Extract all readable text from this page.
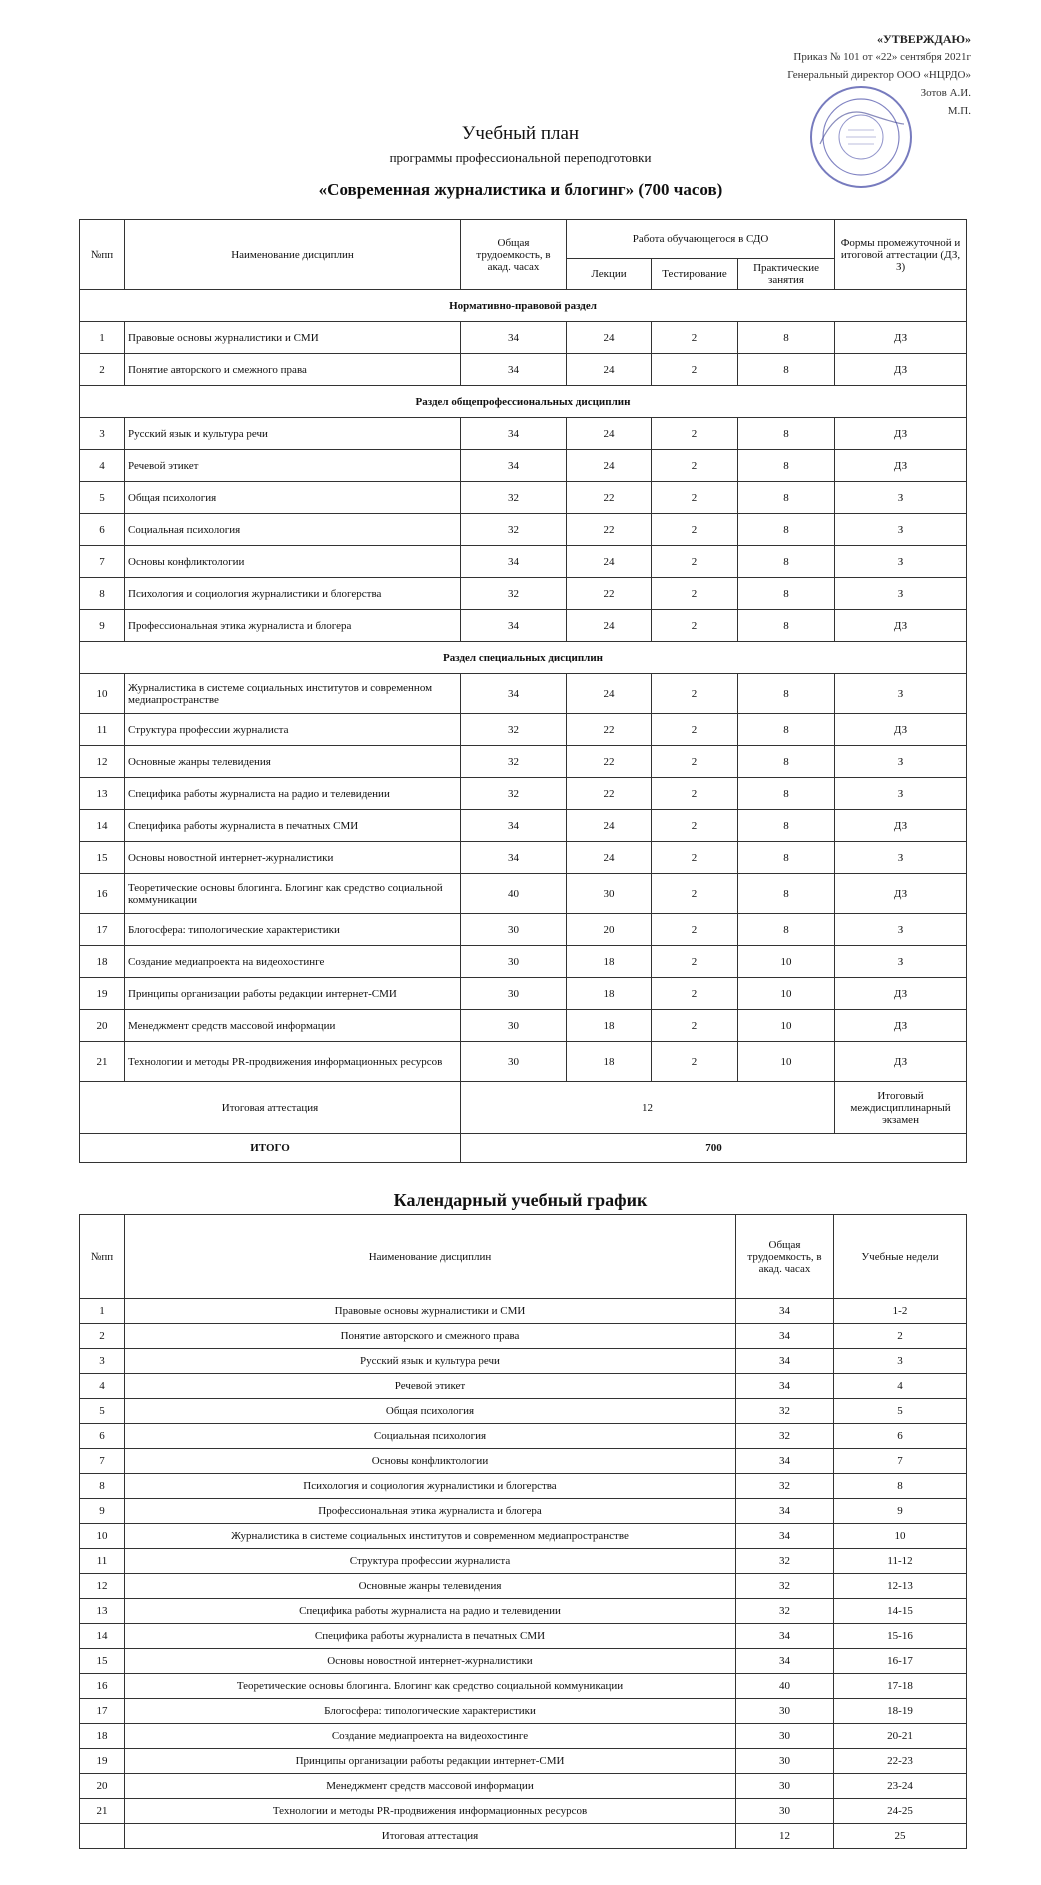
«УТВЕРЖДАЮ»
Приказ № 101 от «22» сентября 2021г
Генеральный директор ООО «НЦРДО»
Зотов А.И.
М.П.
Учебный план
программы профессиональной переподготовки
«Современная журналистика и блогинг» (700 часов)
№пп	Наименование дисциплин	Общая трудоемкость, в акад. часах	Работа обучающегося в СДО			Формы промежуточной и итоговой аттестации (ДЗ, З)
			Лекции	Тестирование	Практические занятия	
Нормативно-правовой раздел						
1	Правовые основы журналистики и СМИ	34	24	2	8	ДЗ
2	Понятие авторского и смежного права	34	24	2	8	ДЗ
Раздел общепрофессиональных дисциплин						
3	Русский язык и культура речи	34	24	2	8	ДЗ
4	Речевой этикет	34	24	2	8	ДЗ
5	Общая психология	32	22	2	8	З
6	Социальная психология	32	22	2	8	З
7	Основы конфликтологии	34	24	2	8	З
8	Психология и социология журналистики и блогерства	32	22	2	8	З
9	Профессиональная этика журналиста и блогера	34	24	2	8	ДЗ
Раздел специальных дисциплин						
10	Журналистика в системе социальных институтов и современном медиапространстве	34	24	2	8	З
11	Структура профессии журналиста	32	22	2	8	ДЗ
12	Основные жанры телевидения	32	22	2	8	З
13	Специфика работы журналиста на радио и телевидении	32	22	2	8	З
14	Специфика работы журналиста в печатных СМИ	34	24	2	8	ДЗ
15	Основы новостной интернет-журналистики	34	24	2	8	З
16	Теоретические основы блогинга. Блогинг как средство социальной коммуникации	40	30	2	8	ДЗ
17	Блогосфера: типологические характеристики	30	20	2	8	З
18	Создание медиапроекта на видеохостинге	30	18	2	10	З
19	Принципы организации работы редакции интернет-СМИ	30	18	2	10	ДЗ
20	Менеджмент средств массовой информации	30	18	2	10	ДЗ
21	Технологии и методы PR-продвижения информационных ресурсов	30	18	2	10	ДЗ
Итоговая аттестация		12				Итоговый междисциплинарный экзамен
ИТОГО		700				
Календарный учебный график
№пп	Наименование дисциплин	Общая трудоемкость, в акад. часах	Учебные недели
1	Правовые основы журналистики и СМИ	34	1-2
2	Понятие авторского и смежного права	34	2
3	Русский язык и культура речи	34	3
4	Речевой этикет	34	4
5	Общая психология	32	5
6	Социальная психология	32	6
7	Основы конфликтологии	34	7
8	Психология и социология журналистики и блогерства	32	8
9	Профессиональная этика журналиста и блогера	34	9
10	Журналистика в системе социальных институтов и современном медиапространстве	34	10
11	Структура профессии журналиста	32	11-12
12	Основные жанры телевидения	32	12-13
13	Специфика работы журналиста на радио и телевидении	32	14-15
14	Специфика работы журналиста в печатных СМИ	34	15-16
15	Основы новостной интернет-журналистики	34	16-17
16	Теоретические основы блогинга. Блогинг как средство социальной коммуникации	40	17-18
17	Блогосфера: типологические характеристики	30	18-19
18	Создание медиапроекта на видеохостинге	30	20-21
19	Принципы организации работы редакции интернет-СМИ	30	22-23
20	Менеджмент средств массовой информации	30	23-24
21	Технологии и методы PR-продвижения информационных ресурсов	30	24-25
	Итоговая аттестация	12	25
